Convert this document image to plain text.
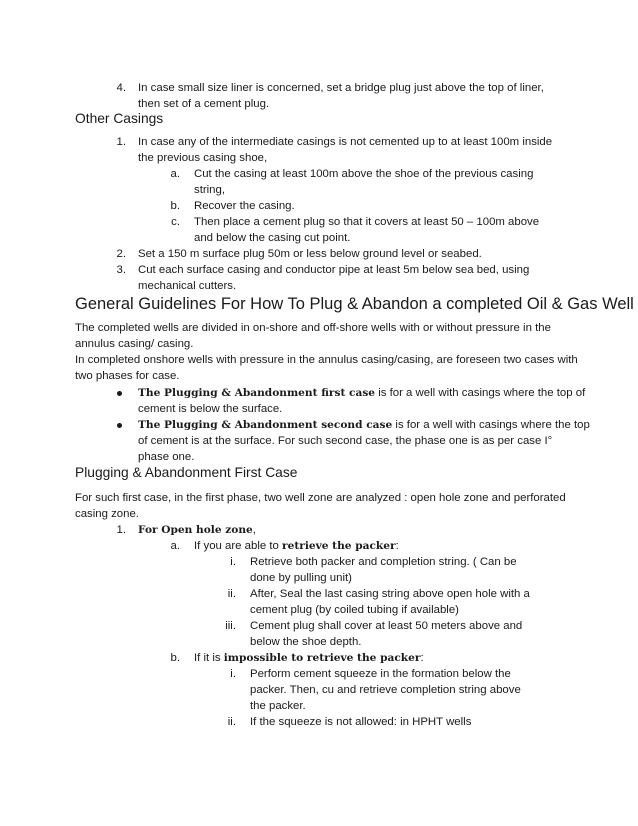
4. In case small size liner is concerned, set a bridge plug just above the top of liner,
then set of a cement plug.
Other Casings
1. In case any of the intermediate casings is not cemented up to at least 100m inside
the previous casing shoe,
a. Cut the casing at least 100m above the shoe of the previous casing
string,
b. Recover the casing.
c. Then place a cement plug so that it covers at least 50 – 100m above
and below the casing cut point.
2. Set a 150 m surface plug 50m or less below ground level or seabed.
3. Cut each surface casing and conductor pipe at least 5m below sea bed, using
mechanical cutters.
General Guidelines For How To Plug & Abandon a completed Oil & Gas Well
The completed wells are divided in on-shore and off-shore wells with or without pressure in the
annulus casing/ casing.
In completed onshore wells with pressure in the annulus casing/casing, are foreseen two cases with
two phases for case.
The Plugging & Abandonment first case is for a well with casings where the top of
cement is below the surface.
The Plugging & Abandonment second case is for a well with casings where the top
of cement is at the surface. For such second case, the phase one is as per case I°
phase one.
Plugging & Abandonment First Case
For such first case, in the first phase, two well zone are analyzed : open hole zone and perforated
casing zone.
1. For Open hole zone,
a. If you are able to retrieve the packer:
i. Retrieve both packer and completion string. ( Can be
done by pulling unit)
ii. After, Seal the last casing string above open hole with a
cement plug (by coiled tubing if available)
iii. Cement plug shall cover at least 50 meters above and
below the shoe depth.
b. If it is impossible to retrieve the packer:
i. Perform cement squeeze in the formation below the
packer. Then, cu and retrieve completion string above
the packer.
ii. If the squeeze is not allowed: in HPHT wells
